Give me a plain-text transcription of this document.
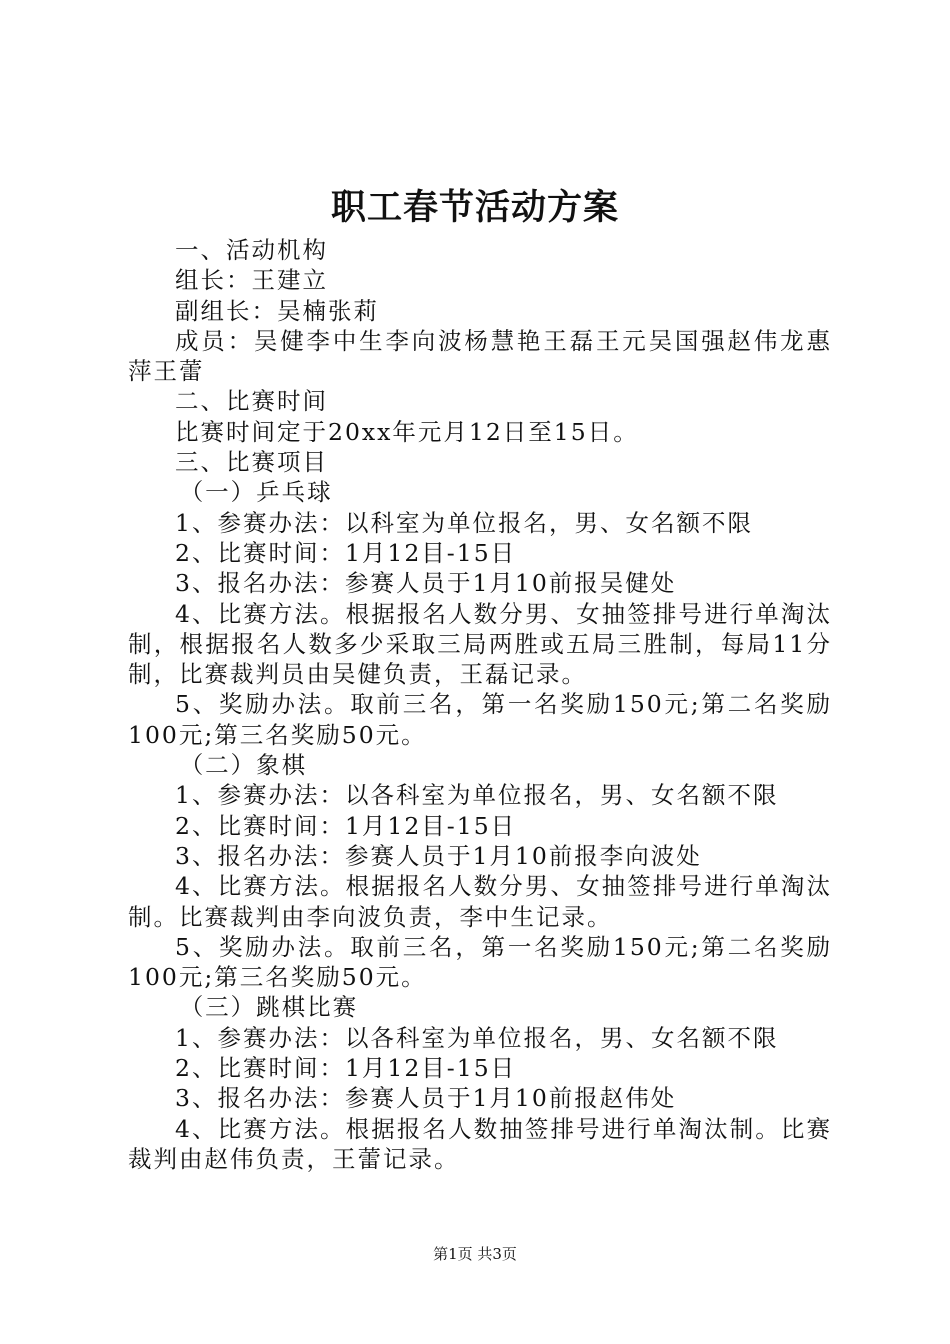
职工春节活动方案

一、活动机构

组长：王建立

副组长：吴楠张莉

成员：吴健李中生李向波杨慧艳王磊王元吴国强赵伟龙惠萍王蕾

二、比赛时间

比赛时间定于20xx年元月12日至15日。

三、比赛项目

（一）乒乓球

1、参赛办法：以科室为单位报名，男、女名额不限

2、比赛时间：1月12目-15日

3、报名办法：参赛人员于1月10前报吴健处

4、比赛方法。根据报名人数分男、女抽签排号进行单淘汰制，根据报名人数多少采取三局两胜或五局三胜制，每局11分制，比赛裁判员由吴健负责，王磊记录。

5、奖励办法。取前三名，第一名奖励150元;第二名奖励100元;第三名奖励50元。

（二）象棋

1、参赛办法：以各科室为单位报名，男、女名额不限

2、比赛时间：1月12目-15日

3、报名办法：参赛人员于1月10前报李向波处

4、比赛方法。根据报名人数分男、女抽签排号进行单淘汰制。比赛裁判由李向波负责，李中生记录。

5、奖励办法。取前三名，第一名奖励150元;第二名奖励100元;第三名奖励50元。

（三）跳棋比赛

1、参赛办法：以各科室为单位报名，男、女名额不限

2、比赛时间：1月12目-15日

3、报名办法：参赛人员于1月10前报赵伟处

4、比赛方法。根据报名人数抽签排号进行单淘汰制。比赛裁判由赵伟负责，王蕾记录。

第1页 共3页
